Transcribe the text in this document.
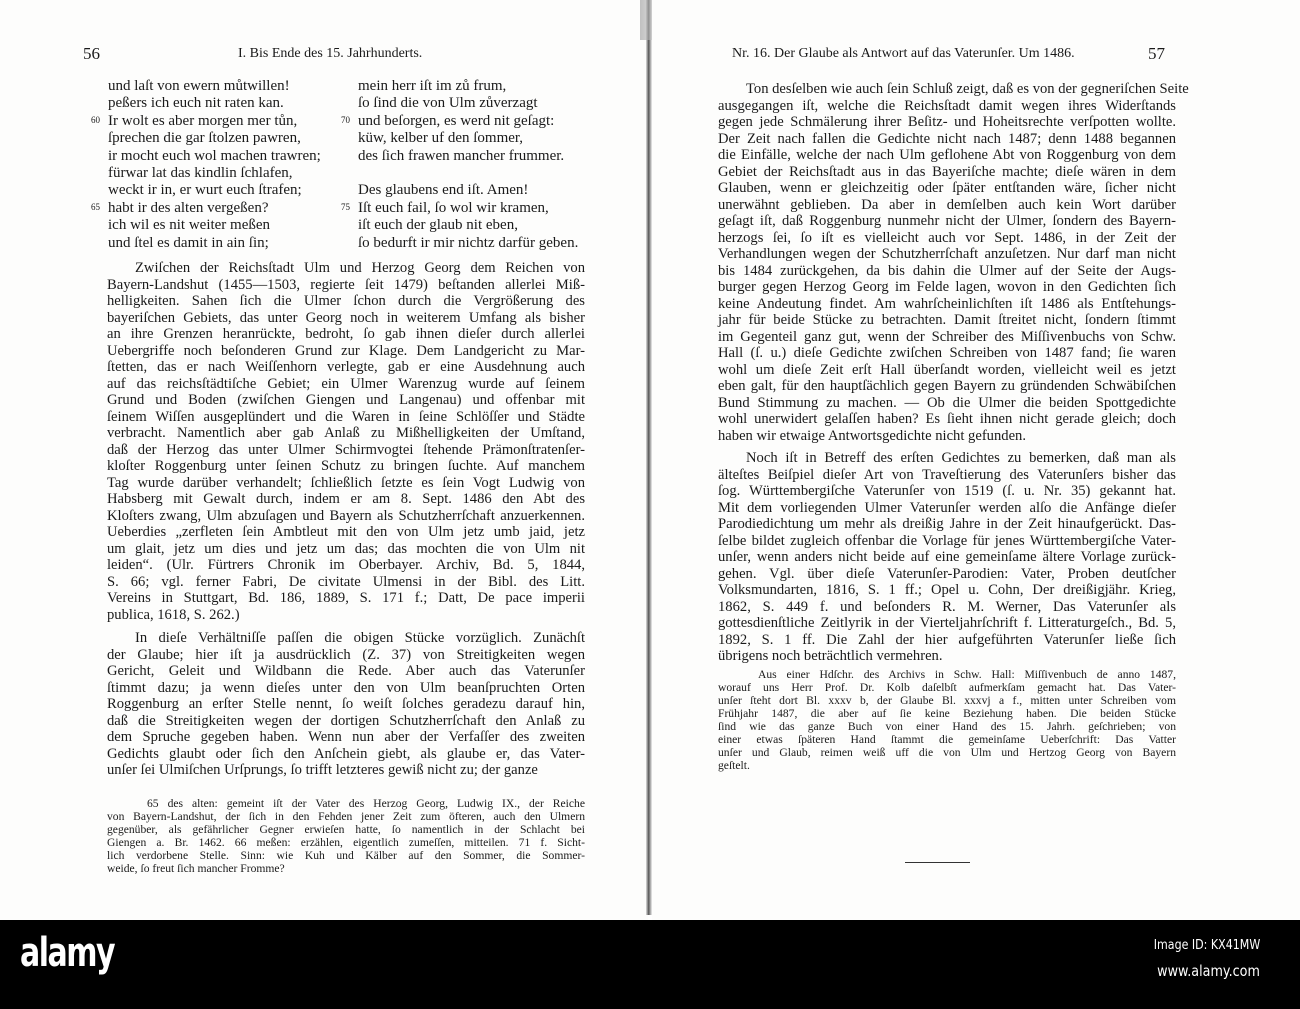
56	I. Bis Ende des 15. Jahrhunderts.
und laſt von ewern můtwillen!
peßers ich euch nit raten kan.
60 Ir wolt es aber morgen mer tůn,
ſprechen die gar ſtolzen pawren,
ir mocht euch wol machen trawren;
fürwar lat das kindlin ſchlafen,
weckt ir in, er wurt euch ſtrafen;
65 habt ir des alten vergeßen?
ich wil es nit weiter meßen
und ſtel es damit in ain ſin;
mein herr iſt im zů frum,
ſo ſind die von Ulm zůverzagt
70 und beſorgen, es werd nit geſagt:
küw, kelber uf den ſommer,
des ſich frawen mancher frummer.

Des glaubens end iſt. Amen!
75 Iſt euch fail, ſo wol wir kramen,
iſt euch der glaub nit eben,
ſo bedurft ir mir nichtz darfür geben.
Zwiſchen der Reichsſtadt Ulm und Herzog Georg dem Reichen von
Bayern-Landshut (1455—1503, regierte ſeit 1479) beſtanden allerlei Miß-
helligkeiten. Sahen ſich die Ulmer ſchon durch die Vergrößerung des
bayeriſchen Gebiets, das unter Georg noch in weiterem Umfang als bisher
an ihre Grenzen heranrückte, bedroht, ſo gab ihnen dieſer durch allerlei
Uebergriffe noch beſonderen Grund zur Klage. Dem Landgericht zu Mar-
ſtetten, das er nach Weiſſenhorn verlegte, gab er eine Ausdehnung auch
auf das reichsſtädtiſche Gebiet; ein Ulmer Warenzug wurde auf ſeinem
Grund und Boden (zwiſchen Giengen und Langenau) und offenbar mit
ſeinem Wiſſen ausgeplündert und die Waren in ſeine Schlöſſer und Städte
verbracht. Namentlich aber gab Anlaß zu Mißhelligkeiten der Umſtand,
daß der Herzog das unter Ulmer Schirmvogtei ſtehende Prämonſtratenſer-
kloſter Roggenburg unter ſeinen Schutz zu bringen ſuchte. Auf manchem
Tag wurde darüber verhandelt; ſchließlich ſetzte es ſein Vogt Ludwig von
Habsberg mit Gewalt durch, indem er am 8. Sept. 1486 den Abt des
Kloſters zwang, Ulm abzuſagen und Bayern als Schutzherrſchaft anzuerkennen.
Ueberdies „zerfleten ſein Ambtleut mit den von Ulm jetz umb jaid, jetz
um glait, jetz um dies und jetz um das; das mochten die von Ulm nit
leiden“. (Ulr. Fürtrers Chronik im Oberbayer. Archiv, Bd. 5, 1844,
S. 66; vgl. ferner Fabri, De civitate Ulmensi in der Bibl. des Litt.
Vereins in Stuttgart, Bd. 186, 1889, S. 171 f.; Datt, De pace imperii
publica, 1618, S. 262.)
In dieſe Verhältniſſe paſſen die obigen Stücke vorzüglich. Zunächſt
der Glaube; hier iſt ja ausdrücklich (Z. 37) von Streitigkeiten wegen
Gericht, Geleit und Wildbann die Rede. Aber auch das Vaterunſer
ſtimmt dazu; ja wenn dieſes unter den von Ulm beanſpruchten Orten
Roggenburg an erſter Stelle nennt, ſo weiſt ſolches geradezu darauf hin,
daß die Streitigkeiten wegen der dortigen Schutzherrſchaft den Anlaß zu
dem Spruche gegeben haben. Wenn nun aber der Verfaſſer des zweiten
Gedichts glaubt oder ſich den Anſchein giebt, als glaube er, das Vater-
unſer ſei Ulmiſchen Urſprungs, ſo trifft letzteres gewiß nicht zu; der ganze
65 des alten: gemeint iſt der Vater des Herzog Georg, Ludwig IX., der Reiche
von Bayern-Landshut, der ſich in den Fehden jener Zeit zum öfteren, auch den Ulmern
gegenüber, als gefährlicher Gegner erwieſen hatte, ſo namentlich in der Schlacht bei
Giengen a. Br. 1462. 66 meßen: erzählen, eigentlich zumeſſen, mitteilen. 71 f. Sicht-
lich verdorbene Stelle. Sinn: wie Kuh und Kälber auf den Sommer, die Sommer-
weide, ſo freut ſich mancher Fromme?
Nr. 16. Der Glaube als Antwort auf das Vaterunſer. Um 1486.	57
Ton desſelben wie auch ſein Schluß zeigt, daß es von der gegneriſchen Seite
ausgegangen iſt, welche die Reichsſtadt damit wegen ihres Widerſtands
gegen jede Schmälerung ihrer Beſitz- und Hoheitsrechte verſpotten wollte.
Der Zeit nach fallen die Gedichte nicht nach 1487; denn 1488 begannen
die Einfälle, welche der nach Ulm geflohene Abt von Roggenburg von dem
Gebiet der Reichsſtadt aus in das Bayeriſche machte; dieſe wären in dem
Glauben, wenn er gleichzeitig oder ſpäter entſtanden wäre, ſicher nicht
unerwähnt geblieben. Da aber in demſelben auch kein Wort darüber
geſagt iſt, daß Roggenburg nunmehr nicht der Ulmer, ſondern des Bayern-
herzogs ſei, ſo iſt es vielleicht auch vor Sept. 1486, in der Zeit der
Verhandlungen wegen der Schutzherrſchaft anzuſetzen. Nur darf man nicht
bis 1484 zurückgehen, da bis dahin die Ulmer auf der Seite der Augs-
burger gegen Herzog Georg im Felde lagen, wovon in den Gedichten ſich
keine Andeutung findet. Am wahrſcheinlichſten iſt 1486 als Entſtehungs-
jahr für beide Stücke zu betrachten. Damit ſtreitet nicht, ſondern ſtimmt
im Gegenteil ganz gut, wenn der Schreiber des Miſſivenbuchs von Schw.
Hall (ſ. u.) dieſe Gedichte zwiſchen Schreiben von 1487 fand; ſie waren
wohl um dieſe Zeit erſt Hall überſandt worden, vielleicht weil es jetzt
eben galt, für den hauptſächlich gegen Bayern zu gründenden Schwäbiſchen
Bund Stimmung zu machen. — Ob die Ulmer die beiden Spottgedichte
wohl unerwidert gelaſſen haben? Es ſieht ihnen nicht gerade gleich; doch
haben wir etwaige Antwortsgedichte nicht gefunden.
Noch iſt in Betreff des erſten Gedichtes zu bemerken, daß man als
älteſtes Beiſpiel dieſer Art von Traveſtierung des Vaterunſers bisher das
ſog. Württembergiſche Vaterunſer von 1519 (ſ. u. Nr. 35) gekannt hat.
Mit dem vorliegenden Ulmer Vaterunſer werden alſo die Anfänge dieſer
Parodiedichtung um mehr als dreißig Jahre in der Zeit hinaufgerückt. Das-
ſelbe bildet zugleich offenbar die Vorlage für jenes Württembergiſche Vater-
unſer, wenn anders nicht beide auf eine gemeinſame ältere Vorlage zurück-
gehen. Vgl. über dieſe Vaterunſer-Parodien: Vater, Proben deutſcher
Volksmundarten, 1816, S. 1 ff.; Opel u. Cohn, Der dreißigjähr. Krieg,
1862, S. 449 f. und beſonders R. M. Werner, Das Vaterunſer als
gottesdienſtliche Zeitlyrik in der Vierteljahrſchrift f. Litteraturgeſch., Bd. 5,
1892, S. 1 ff. Die Zahl der hier aufgeführten Vaterunſer ließe ſich
übrigens noch beträchtlich vermehren.
Aus einer Hdſchr. des Archivs in Schw. Hall: Miſſivenbuch de anno 1487,
worauf uns Herr Prof. Dr. Kolb daſelbſt aufmerkſam gemacht hat. Das Vater-
unſer ſteht dort Bl. xxxv b, der Glaube Bl. xxxvj a f., mitten unter Schreiben vom
Frühjahr 1487, die aber auf ſie keine Beziehung haben. Die beiden Stücke
ſind wie das ganze Buch von einer Hand des 15. Jahrh. geſchrieben; von
einer etwas ſpäteren Hand ſtammt die gemeinſame Ueberſchrift: Das Vatter
unſer und Glaub, reimen weiß uff die von Ulm und Hertzog Georg von Bayern
geſtelt.
alamy	Image ID: KX41MW
www.alamy.com
